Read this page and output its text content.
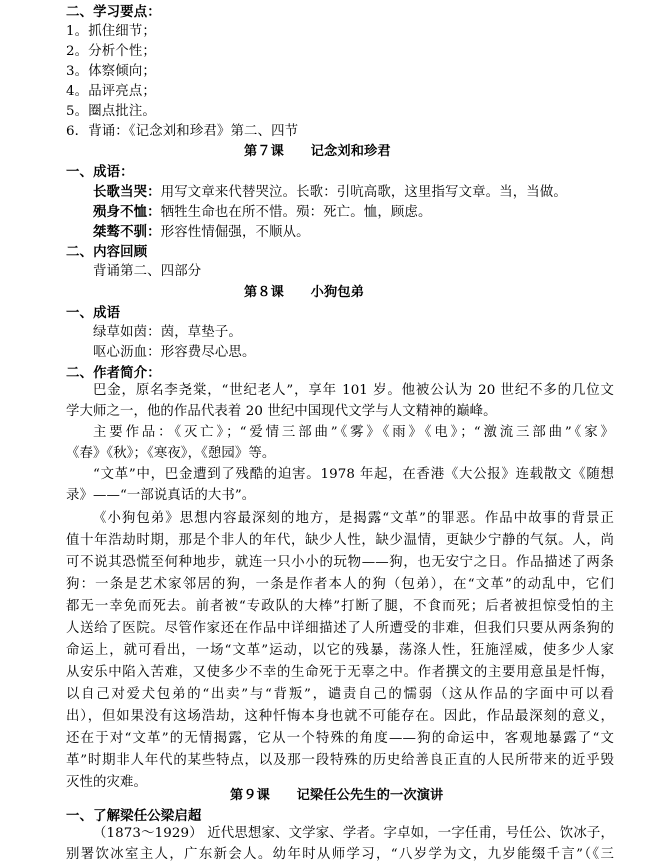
二、学习要点：
1。抓住细节；
2。分析个性；
3。体察倾向；
4。品评亮点；
5。圈点批注。
6．背诵：《记念刘和珍君》第二、四节
第７课　　记念刘和珍君
一、成语：
长歌当哭：用写文章来代替哭泣。长歌：引吭高歌，这里指写文章。当，当做。
殒身不恤：牺牲生命也在所不惜。殒：死亡。恤，顾虑。
桀骜不驯：形容性情倔强，不顺从。
二、内容回顾
背诵第二、四部分
第８课　　小狗包弟
一、成语
绿草如茵：茵，草垫子。
呕心沥血：形容费尽心思。
二、作者简介：
巴金，原名李尧棠，“世纪老人”，享年 101 岁。他被公认为 20 世纪不多的几位文
学大师之一，他的作品代表着 20 世纪中国现代文学与人文精神的巅峰。
主要作品：《灭亡》；“爱情三部曲”《雾》《雨》《电》；“激流三部曲”《家》
《春》《秋》；《寒夜》，《憩园》等。
“文革”中，巴金遭到了残酷的迫害。1978 年起，在香港《大公报》连载散文《随想
录》——“一部说真话的大书”。
《小狗包弟》思想内容最深刻的地方，是揭露“文革”的罪恶。作品中故事的背景正
值十年浩劫时期，那是个非人的年代，缺少人性，缺少温情，更缺少宁静的气氛。人，尚
可不说其恐慌至何种地步，就连一只小小的玩物——狗，也无安宁之日。作品描述了两条
狗：一条是艺术家邻居的狗，一条是作者本人的狗（包弟），在“文革”的动乱中，它们
都无一幸免而死去。前者被“专政队的大棒”打断了腿，不食而死；后者被担惊受怕的主
人送给了医院。尽管作家还在作品中详细描述了人所遭受的非难，但我们只要从两条狗的
命运上，就可看出，一场“文革”运动，以它的残暴，荡涤人性，狂施淫威，使多少人家
从安乐中陷入苦难，又使多少不幸的生命死于无辜之中。作者撰文的主要用意虽是忏悔，
以自己对爱犬包弟的“出卖”与“背叛”，谴责自己的懦弱（这从作品的字面中可以看
出），但如果没有这场浩劫，这种忏悔本身也就不可能存在。因此，作品最深刻的意义，
还在于对“文革”的无情揭露，它从一个特殊的角度——狗的命运中，客观地暴露了“文
革”时期非人年代的某些特点，以及那一段特殊的历史给善良正直的人民所带来的近乎毁
灭性的灾难。
第９课　　记梁任公先生的一次演讲
一、了解梁任公梁启超
（1873～1929） 近代思想家、文学家、学者。字卓如，一字任甫，号任公、饮冰子，
别署饮冰室主人，广东新会人。幼年时从师学习，“八岁学为文，九岁能缀千言”（《三
